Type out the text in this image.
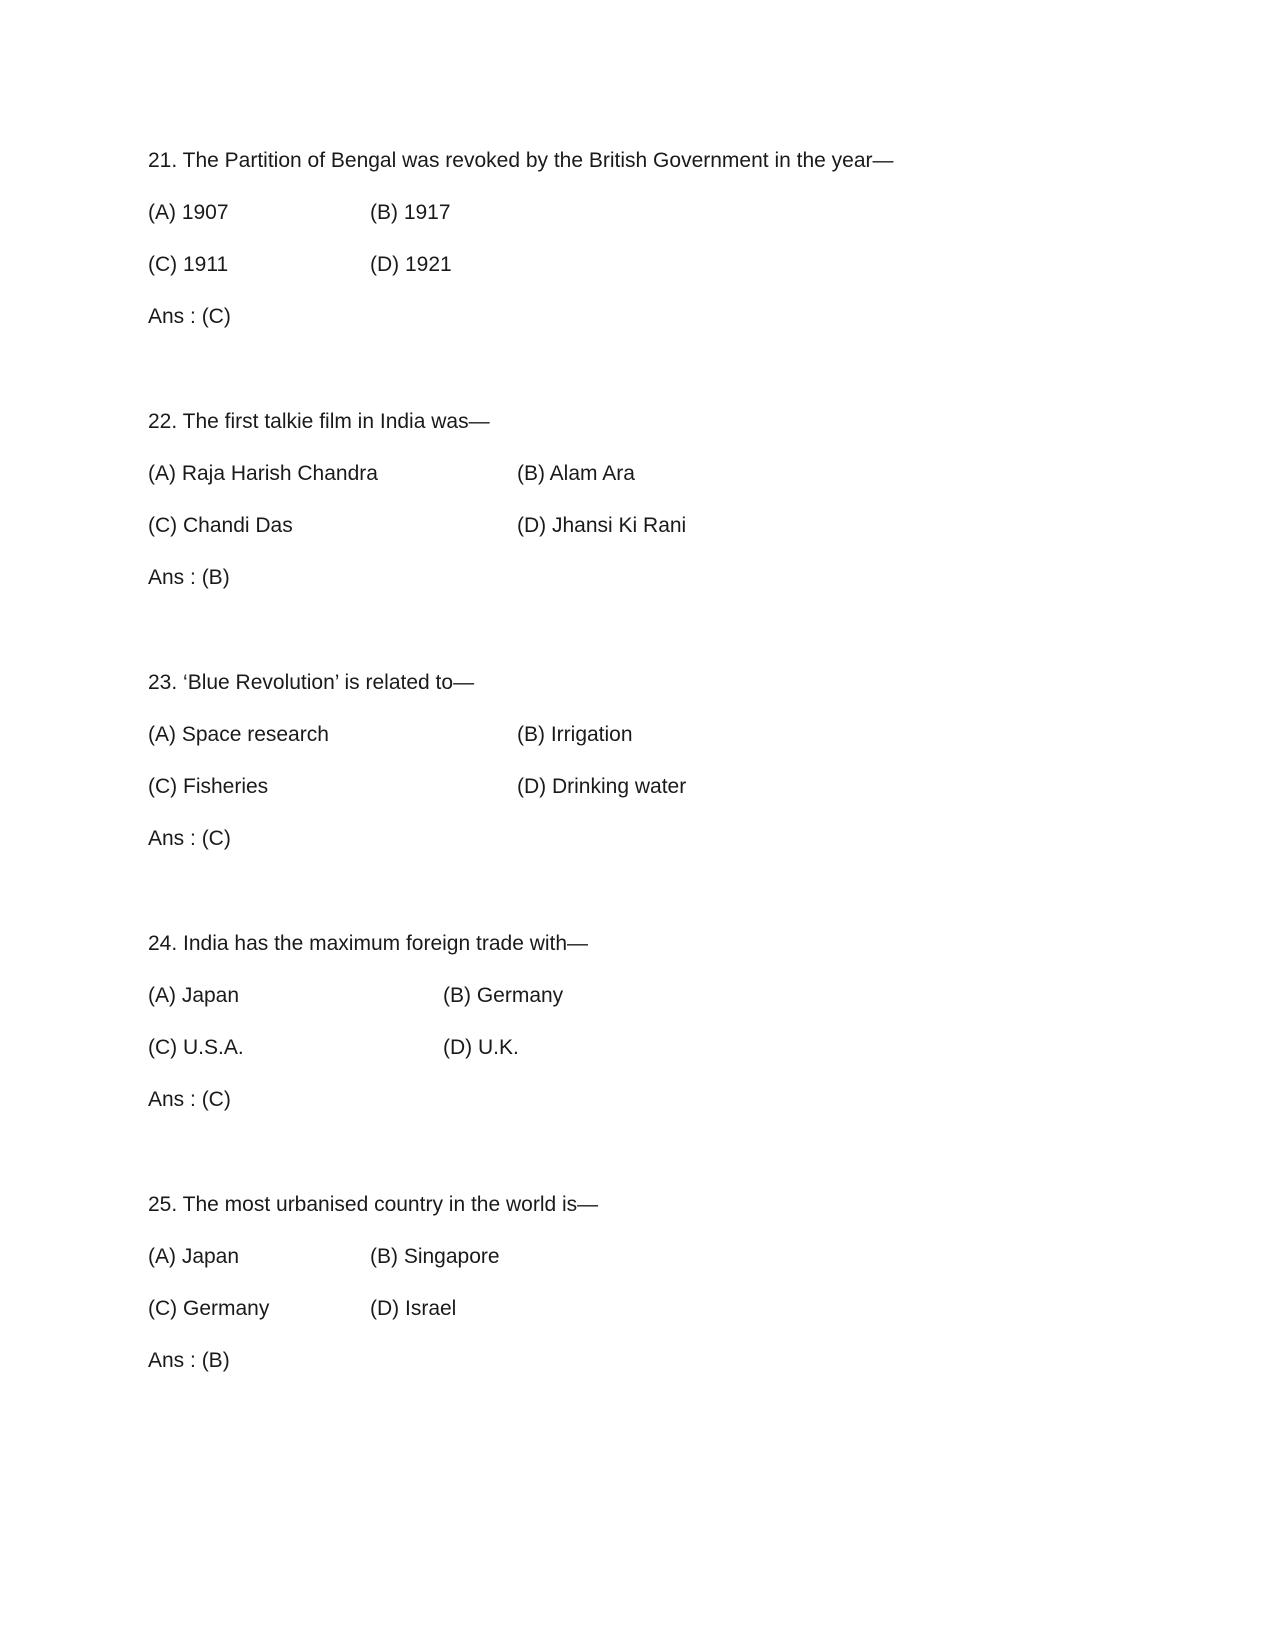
21. The Partition of Bengal was revoked by the British Government in the year—
(A) 1907	(B) 1917
(C) 1911	(D) 1921
Ans : (C)
22. The first talkie film in India was—
(A) Raja Harish Chandra	(B) Alam Ara
(C) Chandi Das	(D) Jhansi Ki Rani
Ans : (B)
23. ‘Blue Revolution’ is related to—
(A) Space research	(B) Irrigation
(C) Fisheries	(D) Drinking water
Ans : (C)
24. India has the maximum foreign trade with—
(A) Japan	(B) Germany
(C) U.S.A.	(D) U.K.
Ans : (C)
25. The most urbanised country in the world is—
(A) Japan	(B) Singapore
(C) Germany	(D) Israel
Ans : (B)
